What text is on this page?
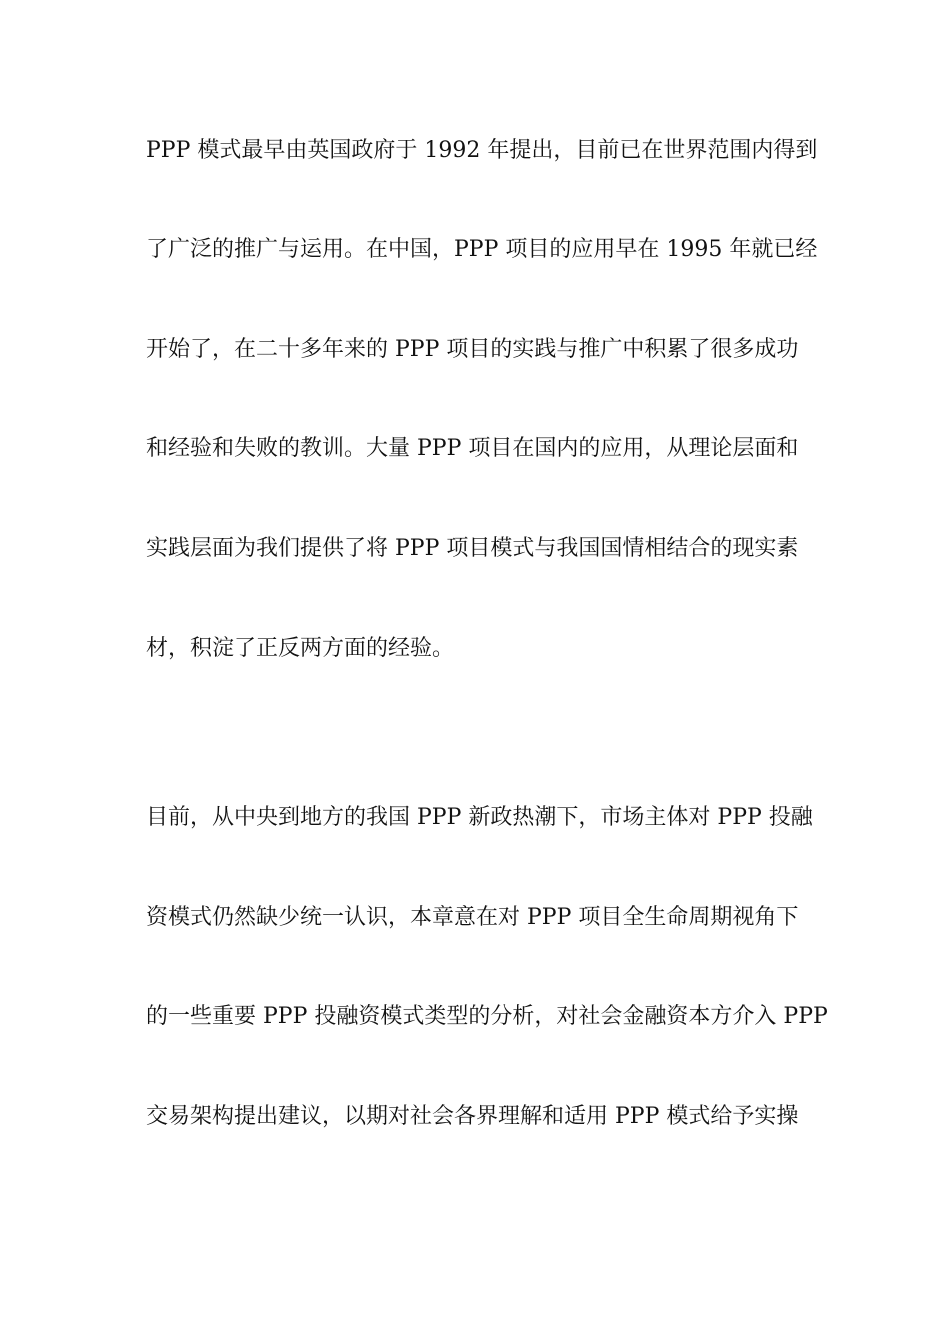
PPP 模式最早由英国政府于 1992 年提出，目前已在世界范围内得到
了广泛的推广与运用。在中国，PPP 项目的应用早在 1995 年就已经
开始了，在二十多年来的 PPP 项目的实践与推广中积累了很多成功
和经验和失败的教训。大量 PPP 项目在国内的应用，从理论层面和
实践层面为我们提供了将 PPP 项目模式与我国国情相结合的现实素
材，积淀了正反两方面的经验。
目前，从中央到地方的我国 PPP 新政热潮下，市场主体对 PPP 投融
资模式仍然缺少统一认识，本章意在对 PPP 项目全生命周期视角下
的一些重要 PPP 投融资模式类型的分析，对社会金融资本方介入 PPP
交易架构提出建议，以期对社会各界理解和适用 PPP 模式给予实操
